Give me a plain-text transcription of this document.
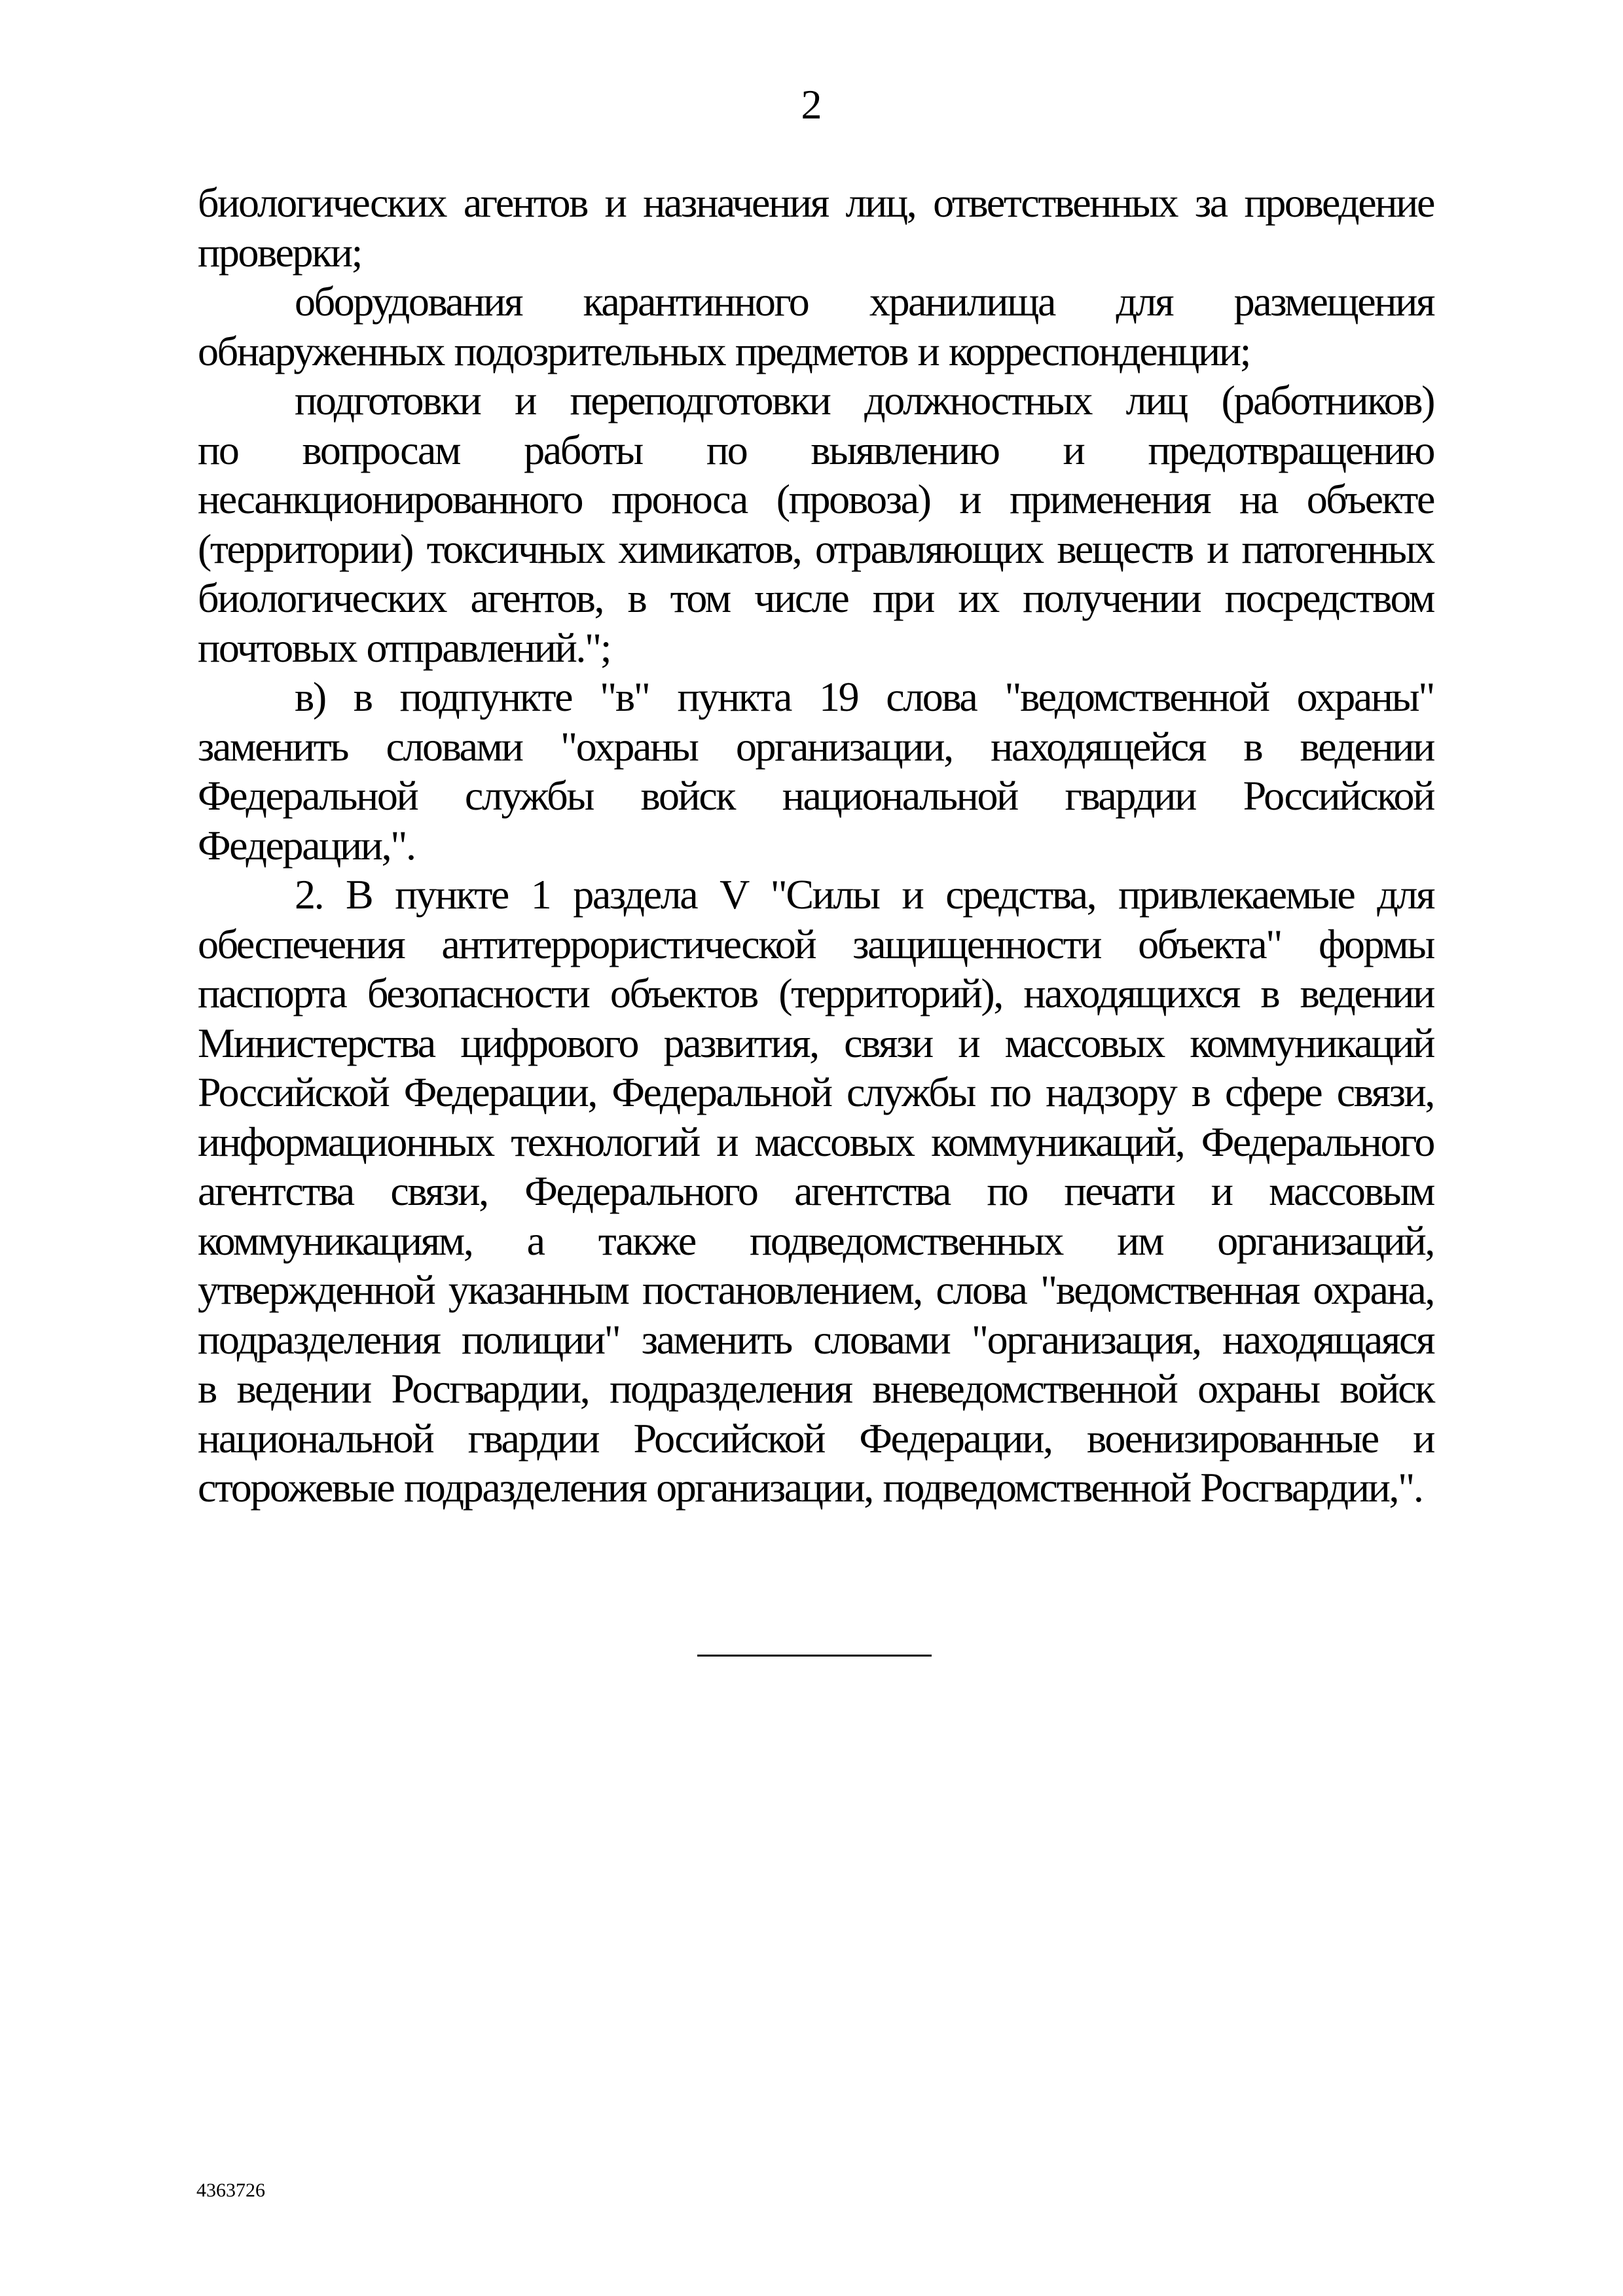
2
биологических агентов и назначения лиц, ответственных за проведение
проверки;
оборудования карантинного хранилища для размещения
обнаруженных подозрительных предметов и корреспонденции;
подготовки и переподготовки должностных лиц (работников)
по вопросам работы по выявлению и предотвращению
несанкционированного проноса (провоза) и применения на объекте
(территории) токсичных химикатов, отравляющих веществ и патогенных
биологических агентов, в том числе при их получении посредством
почтовых отправлений.";
в) в подпункте "в" пункта 19 слова "ведомственной охраны"
заменить словами "охраны организации, находящейся в ведении
Федеральной службы войск национальной гвардии Российской
Федерации,".
2. В пункте 1 раздела V "Силы и средства, привлекаемые для
обеспечения антитеррористической защищенности объекта" формы
паспорта безопасности объектов (территорий), находящихся в ведении
Министерства цифрового развития, связи и массовых коммуникаций
Российской Федерации, Федеральной службы по надзору в сфере связи,
информационных технологий и массовых коммуникаций, Федерального
агентства связи, Федерального агентства по печати и массовым
коммуникациям, а также подведомственных им организаций,
утвержденной указанным постановлением, слова "ведомственная охрана,
подразделения полиции" заменить словами "организация, находящаяся
в ведении Росгвардии, подразделения вневедомственной охраны войск
национальной гвардии Российской Федерации, военизированные и
сторожевые подразделения организации, подведомственной Росгвардии,".
4363726
